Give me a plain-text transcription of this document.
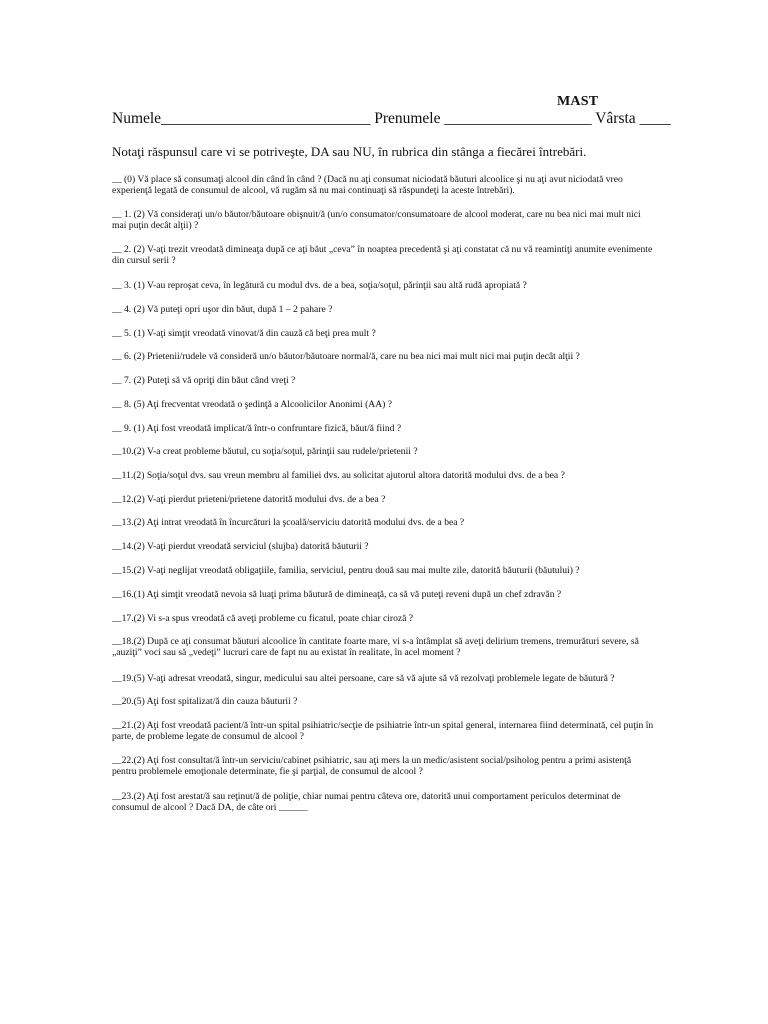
MAST
Numele___________________________ Prenumele ___________________ Vârsta ____
Notaţi răspunsul care vi se potriveşte, DA sau NU, în rubrica din stânga a fiecărei întrebări.
__ (0) Vă place să consumaţi alcool din când în când ? (Dacă nu aţi consumat niciodată băuturi alcoolice şi nu aţi avut niciodată vreo experienţă legată de consumul de alcool, vă rugăm să nu mai continuaţi să răspundeţi la aceste întrebări).
__ 1. (2) Vă consideraţi un/o băutor/băutoare obişnuit/ă (un/o consumator/consumatoare de alcool moderat, care nu bea nici mai mult nici mai puţin decât alţii) ?
__ 2. (2) V-aţi trezit vreodată dimineaţa după ce aţi băut „ceva” în noaptea precedentă şi aţi constatat că nu vă reamintiţi anumite evenimente din cursul serii ?
__ 3. (1) V-au reproşat ceva, în legătură cu modul dvs. de a bea, soţia/soţul, părinţii sau altă rudă apropiată ?
__ 4. (2) Vă puteţi opri uşor din băut, după 1 – 2 pahare ?
__ 5. (1) V-aţi simţit vreodată vinovat/ă din cauză că beţi prea mult ?
__ 6. (2) Prietenii/rudele vă consideră un/o băutor/băutoare normal/ă, care nu bea nici mai mult nici mai puţin decât alţii ?
__ 7. (2) Puteţi să vă opriţi din băut când vreţi ?
__ 8. (5) Aţi frecventat vreodată o şedinţă a Alcoolicilor Anonimi (AA) ?
__ 9. (1) Aţi fost vreodată implicat/ă într-o confruntare fizică, băut/ă fiind ?
__10.(2) V-a creat probleme băutul, cu soţia/soţul, părinţii sau rudele/prietenii ?
__11.(2) Soţia/soţul dvs. sau vreun membru al familiei dvs. au solicitat ajutorul altora datorită modului dvs. de a bea ?
__12.(2) V-aţi pierdut prieteni/prietene datorită modului dvs. de a bea ?
__13.(2) Aţi intrat vreodată în încurcături la şcoală/serviciu datorită modului dvs. de a bea ?
__14.(2) V-aţi pierdut vreodată serviciul (slujba) datorită băuturii ?
__15.(2) V-aţi neglijat vreodată obligaţiile, familia, serviciul, pentru două sau mai multe zile, datorită băuturii (băutului) ?
__16.(1) Aţi simţit vreodată nevoia să luaţi prima băutură de dimineaţă, ca să vă puteţi reveni după un chef zdravăn ?
__17.(2) Vi s-a spus vreodată că aveţi probleme cu ficatul, poate chiar ciroză ?
__18.(2) După ce aţi consumat băuturi alcoolice în cantitate foarte mare, vi s-a întâmplat să aveţi delirium tremens, tremurături severe, să „auziţi” voci sau să „vedeţi” lucruri care de fapt nu au existat în realitate, în acel moment ?
__19.(5) V-aţi adresat vreodată, singur, medicului sau altei persoane, care să vă ajute să vă rezolvaţi problemele legate de băutură ?
__20.(5) Aţi fost spitalizat/ă din cauza băuturii ?
__21.(2) Aţi fost vreodată pacient/ă într-un spital psihiatric/secţie de psihiatrie într-un spital general, internarea fiind determinată, cel puţin în parte, de probleme legate de consumul de alcool ?
__22.(2) Aţi fost consultat/ă într-un serviciu/cabinet psihiatric, sau aţi mers la un medic/asistent social/psiholog pentru a primi asistenţă pentru problemele emoţionale determinate, fie şi parţial, de consumul de alcool ?
__23.(2) Aţi fost arestat/ă sau reţinut/ă de poliţie, chiar numai pentru câteva ore, datorită unui comportament periculos determinat de consumul de alcool ? Dacă DA, de câte ori ______
